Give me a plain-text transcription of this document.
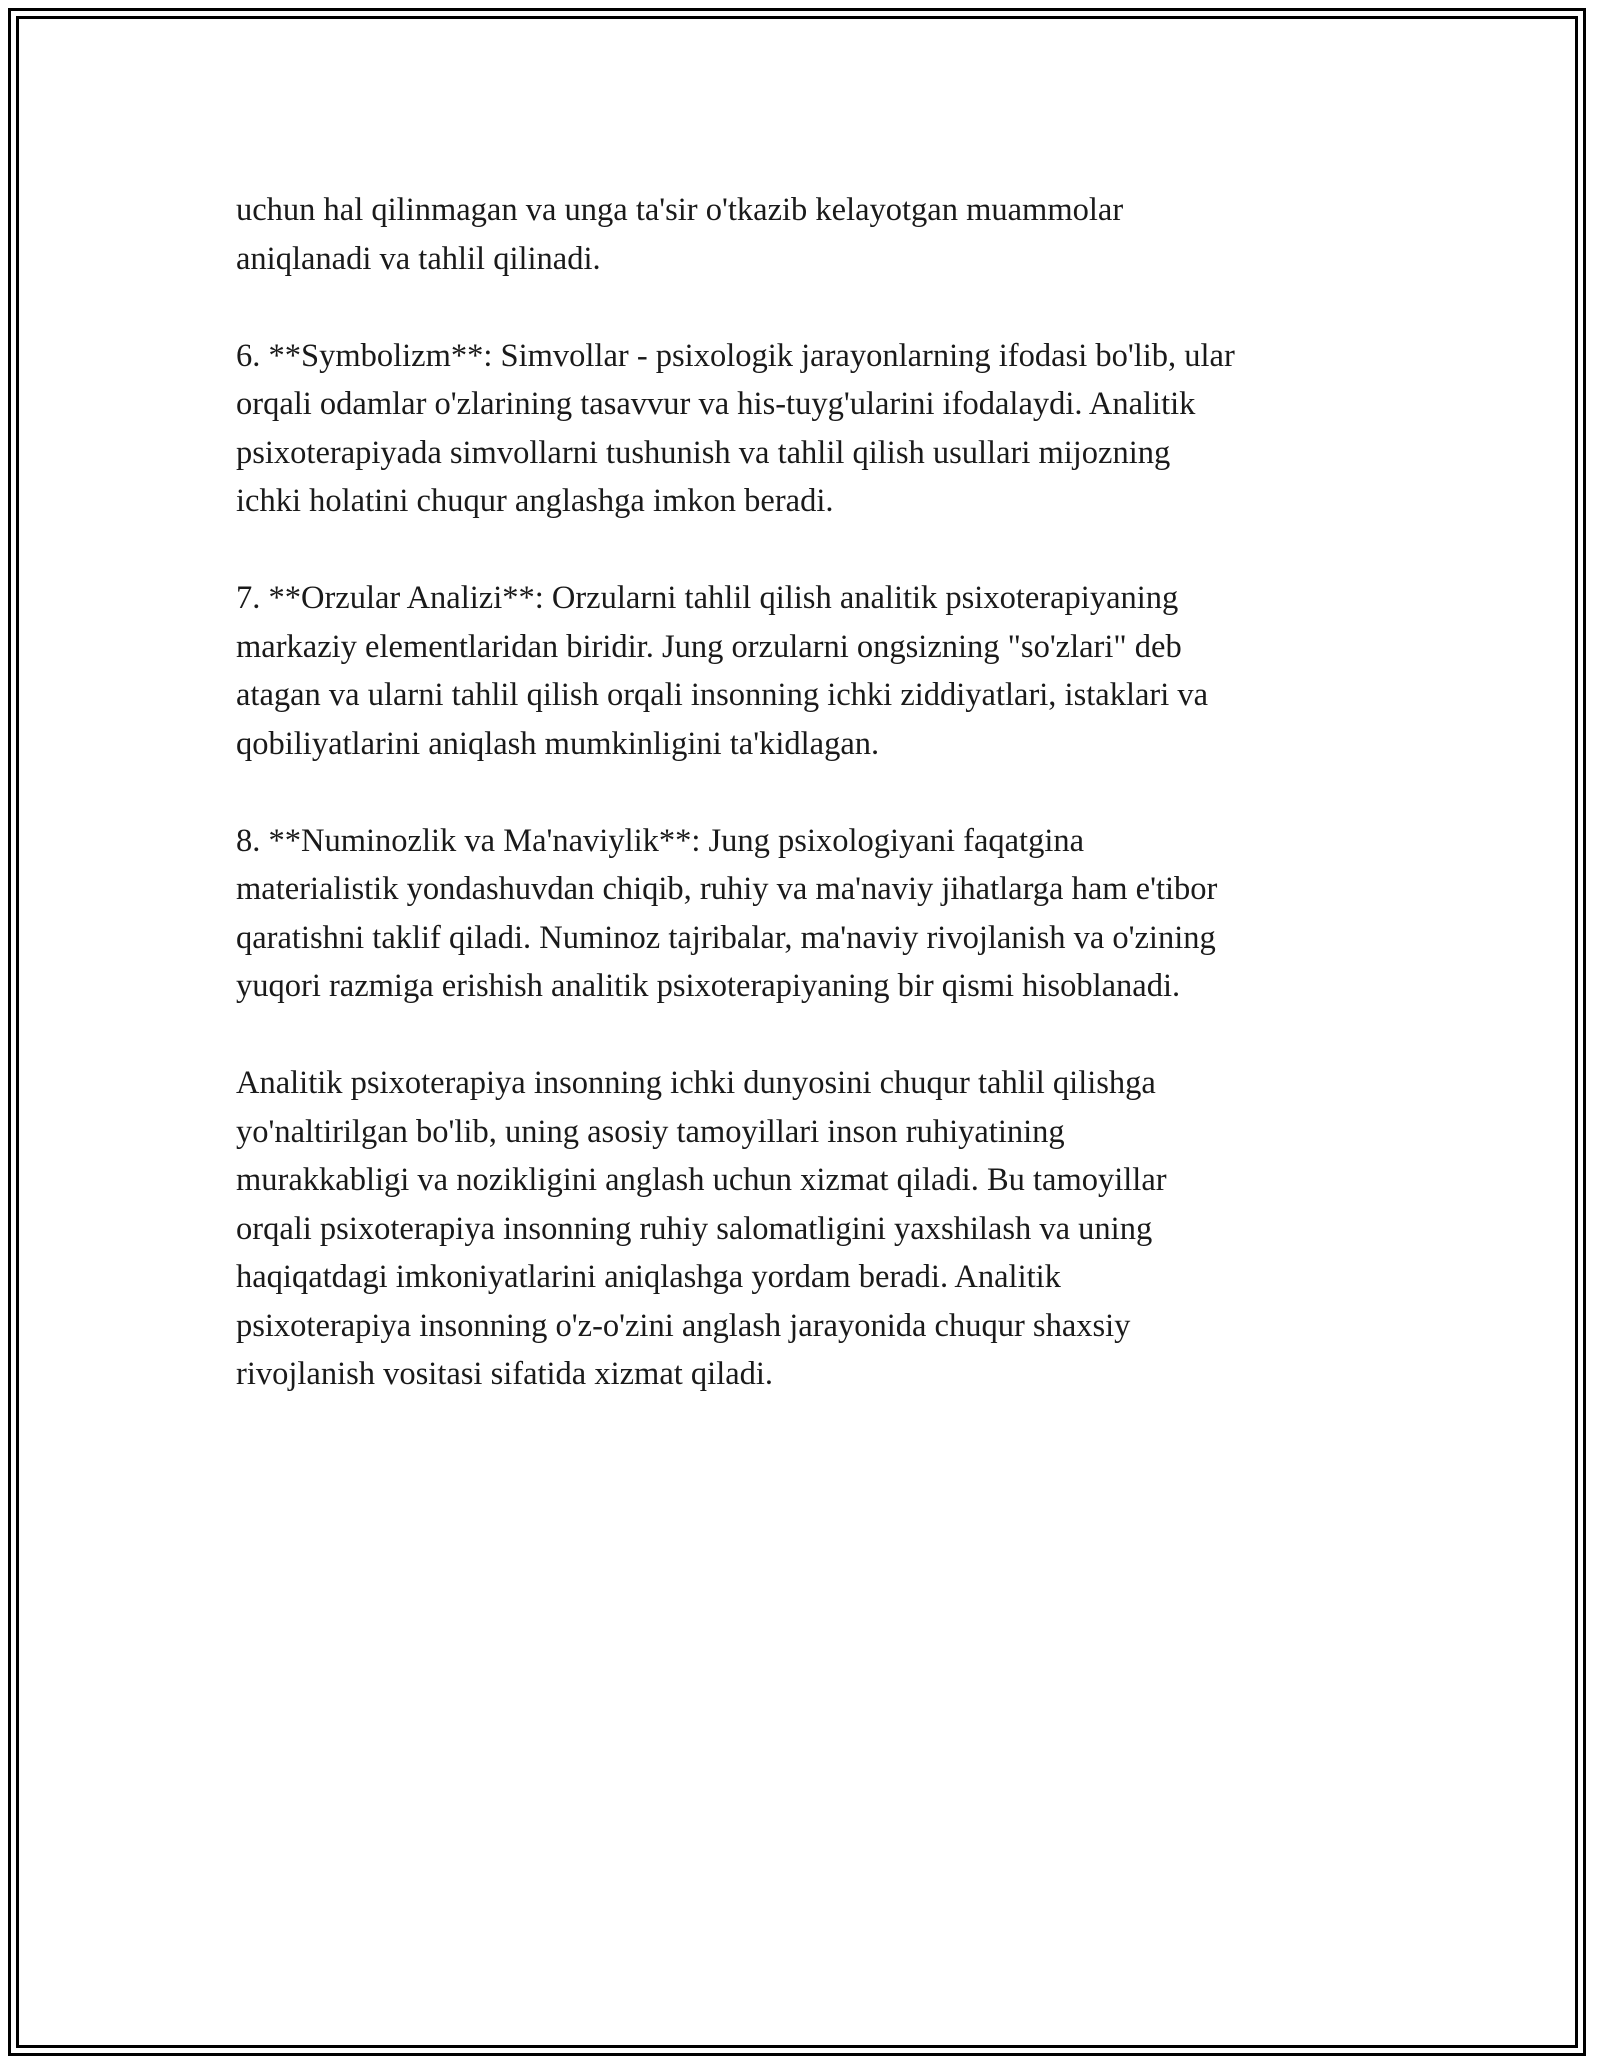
uchun hal qilinmagan va unga ta'sir o'tkazib kelayotgan muammolar
aniqlanadi va tahlil qilinadi.

6. **Symbolizm**: Simvollar - psixologik jarayonlarning ifodasi bo'lib, ular
orqali odamlar o'zlarining tasavvur va his-tuyg'ularini ifodalaydi. Analitik
psixoterapiyada simvollarni tushunish va tahlil qilish usullari mijozning
ichki holatini chuqur anglashga imkon beradi.

7. **Orzular Analizi**: Orzularni tahlil qilish analitik psixoterapiyaning
markaziy elementlaridan biridir. Jung orzularni ongsizning "so'zlari" deb
atagan va ularni tahlil qilish orqali insonning ichki ziddiyatlari, istaklari va
qobiliyatlarini aniqlash mumkinligini ta'kidlagan.

8. **Numinozlik va Ma'naviylik**: Jung psixologiyani faqatgina
materialistik yondashuvdan chiqib, ruhiy va ma'naviy jihatlarga ham e'tibor
qaratishni taklif qiladi. Numinoz tajribalar, ma'naviy rivojlanish va o'zining
yuqori razmiga erishish analitik psixoterapiyaning bir qismi hisoblanadi.

Analitik psixoterapiya insonning ichki dunyosini chuqur tahlil qilishga
yo'naltirilgan bo'lib, uning asosiy tamoyillari inson ruhiyatining
murakkabligi va nozikligini anglash uchun xizmat qiladi. Bu tamoyillar
orqali psixoterapiya insonning ruhiy salomatligini yaxshilash va uning
haqiqatdagi imkoniyatlarini aniqlashga yordam beradi. Analitik
psixoterapiya insonning o'z-o'zini anglash jarayonida chuqur shaxsiy
rivojlanish vositasi sifatida xizmat qiladi.
